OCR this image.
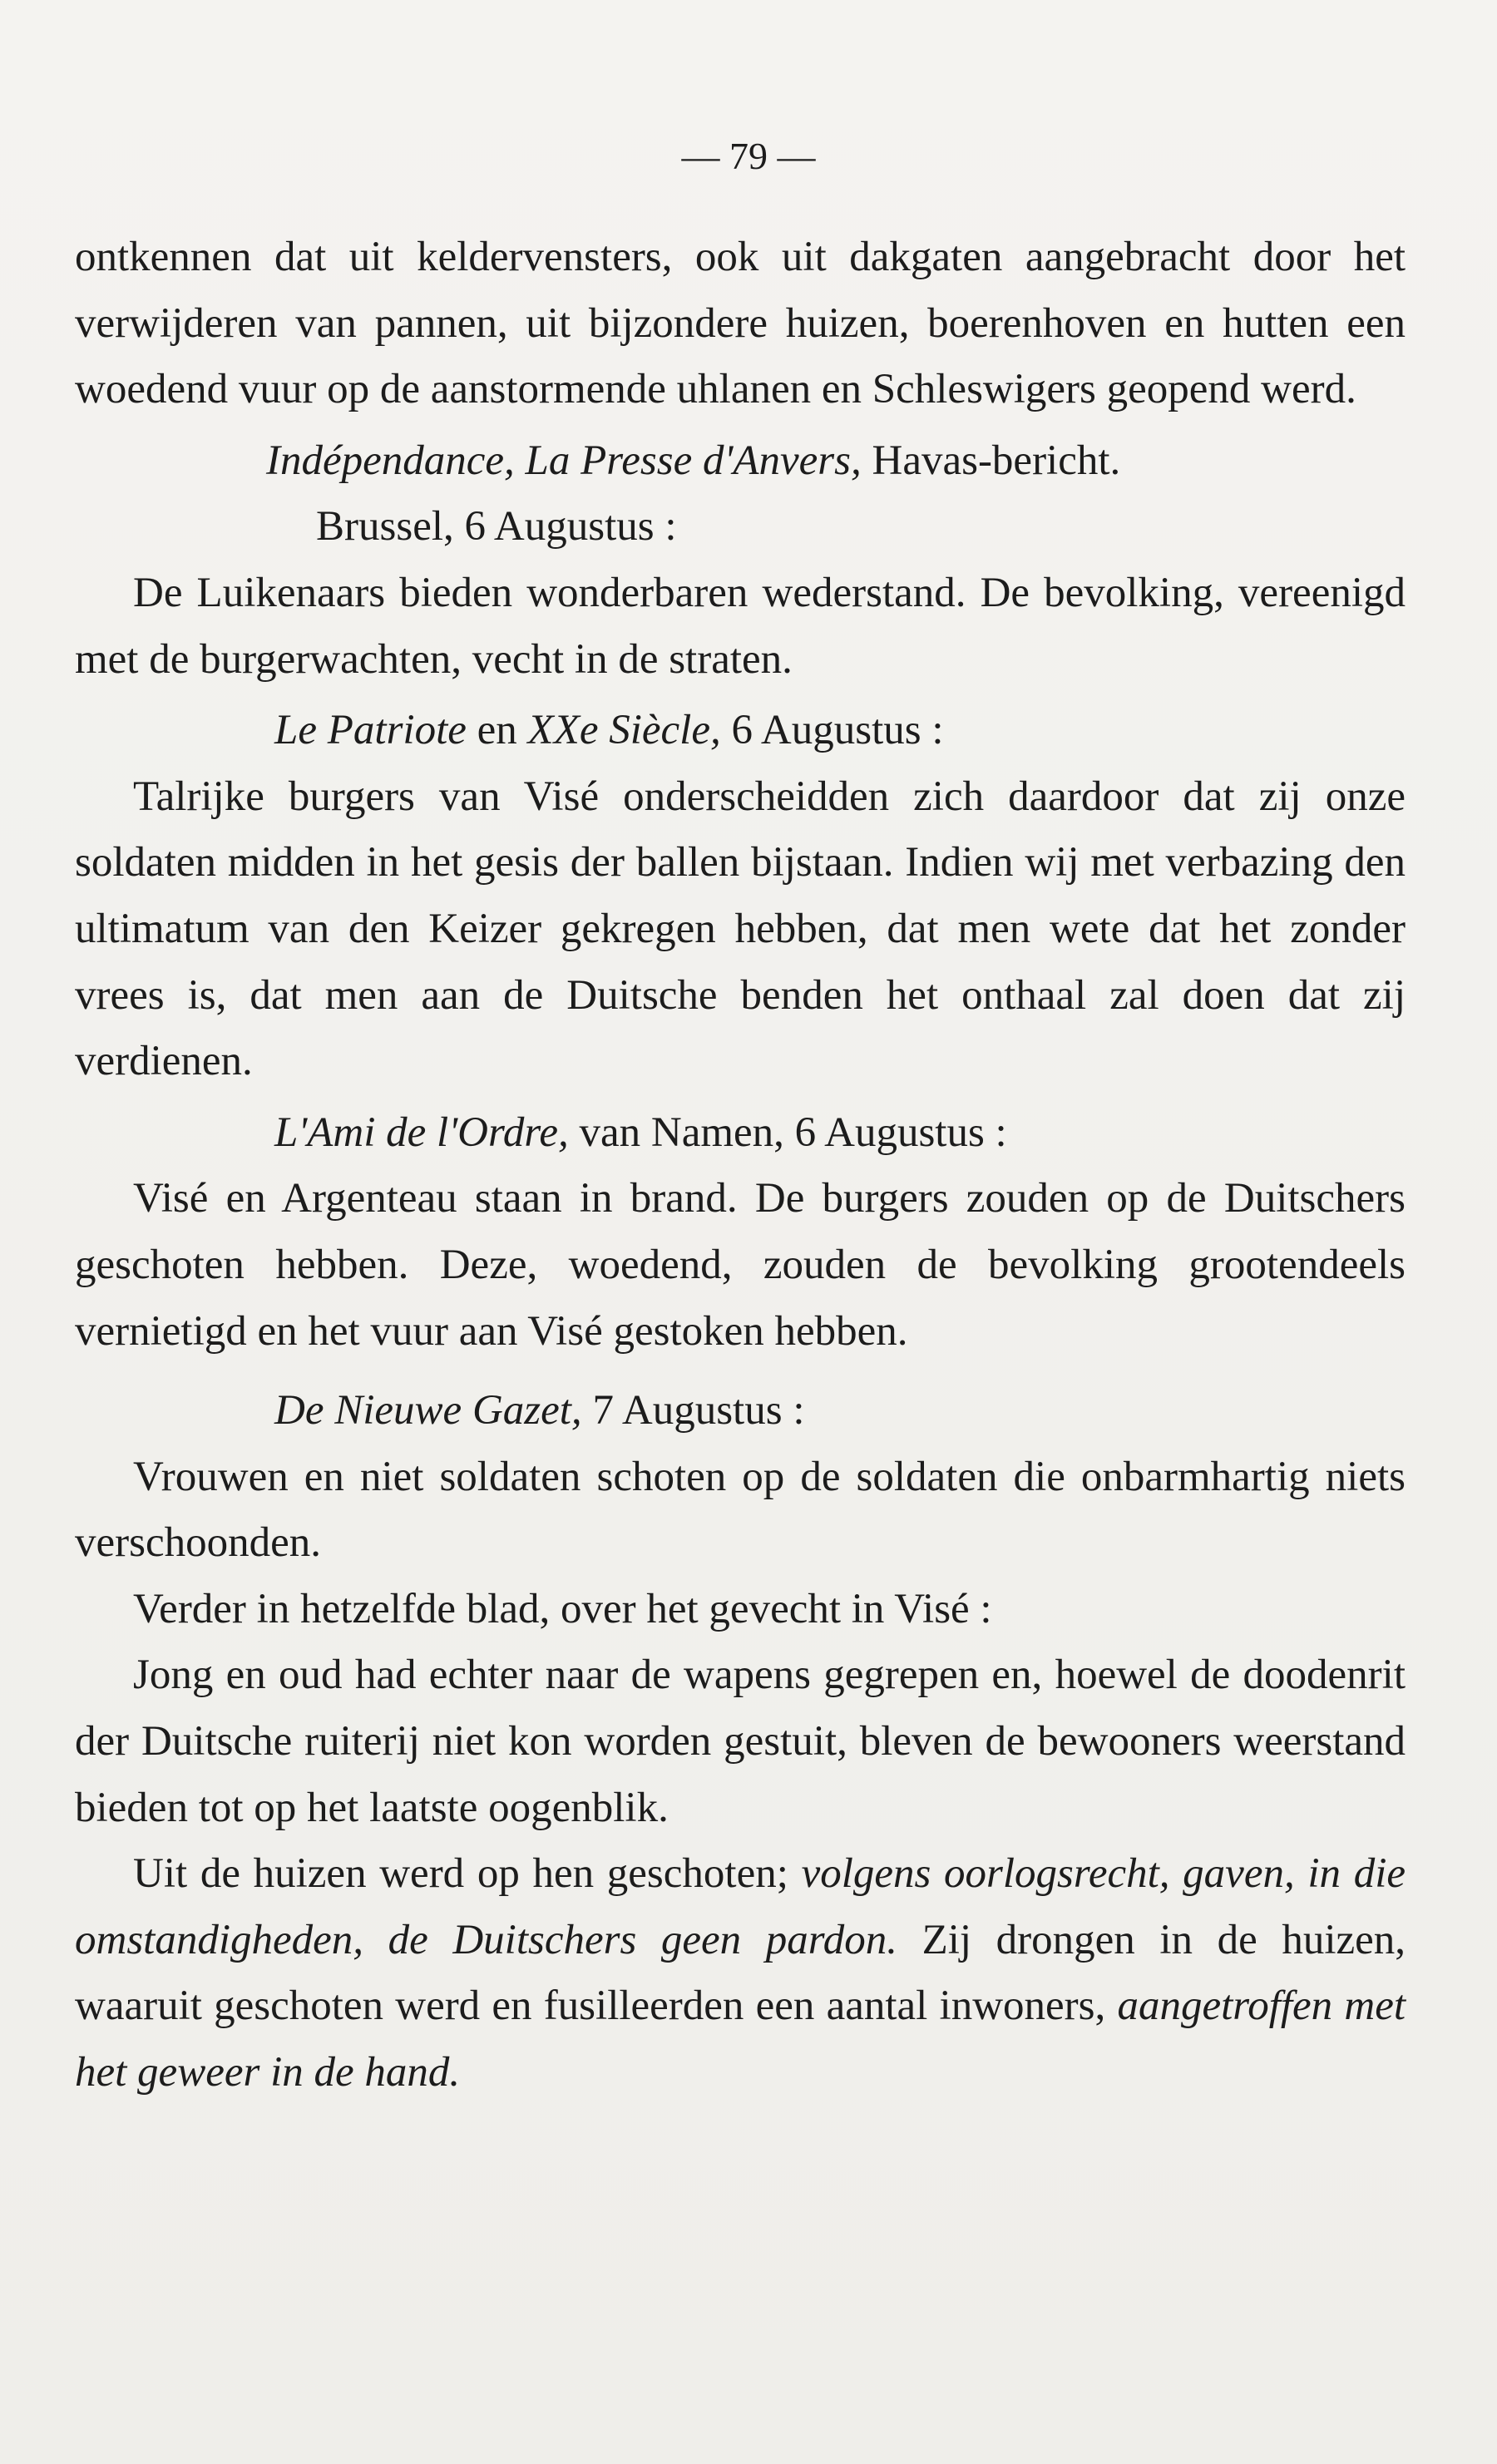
— 79 —

ontkennen dat uit keldervensters, ook uit dakgaten aangebracht door het verwijderen van pannen, uit bijzondere huizen, boerenhoven en hutten een woedend vuur op de aanstormende uhlanen en Schleswigers geopend werd.

Indépendance, La Presse d'Anvers, Havas-bericht.

Brussel, 6 Augustus :

De Luikenaars bieden wonderbaren wederstand. De bevolking, vereenigd met de burgerwachten, vecht in de straten.

Le Patriote en XXe Siècle, 6 Augustus :

Talrijke burgers van Visé onderscheidden zich daardoor dat zij onze soldaten midden in het gesis der ballen bijstaan. Indien wij met verbazing den ultimatum van den Keizer gekregen hebben, dat men wete dat het zonder vrees is, dat men aan de Duitsche benden het onthaal zal doen dat zij verdienen.

L'Ami de l'Ordre, van Namen, 6 Augustus :

Visé en Argenteau staan in brand. De burgers zouden op de Duitschers geschoten hebben. Deze, woedend, zouden de bevolking grootendeels vernietigd en het vuur aan Visé gestoken hebben.

De Nieuwe Gazet, 7 Augustus :

Vrouwen en niet soldaten schoten op de soldaten die onbarmhartig niets verschoonden.

Verder in hetzelfde blad, over het gevecht in Visé :

Jong en oud had echter naar de wapens gegrepen en, hoewel de doodenrit der Duitsche ruiterij niet kon worden gestuit, bleven de bewooners weerstand bieden tot op het laatste oogenblik.

Uit de huizen werd op hen geschoten; volgens oorlogsrecht, gaven, in die omstandigheden, de Duitschers geen pardon. Zij drongen in de huizen, waaruit geschoten werd en fusilleerden een aantal inwoners, aangetroffen met het geweer in de hand.
